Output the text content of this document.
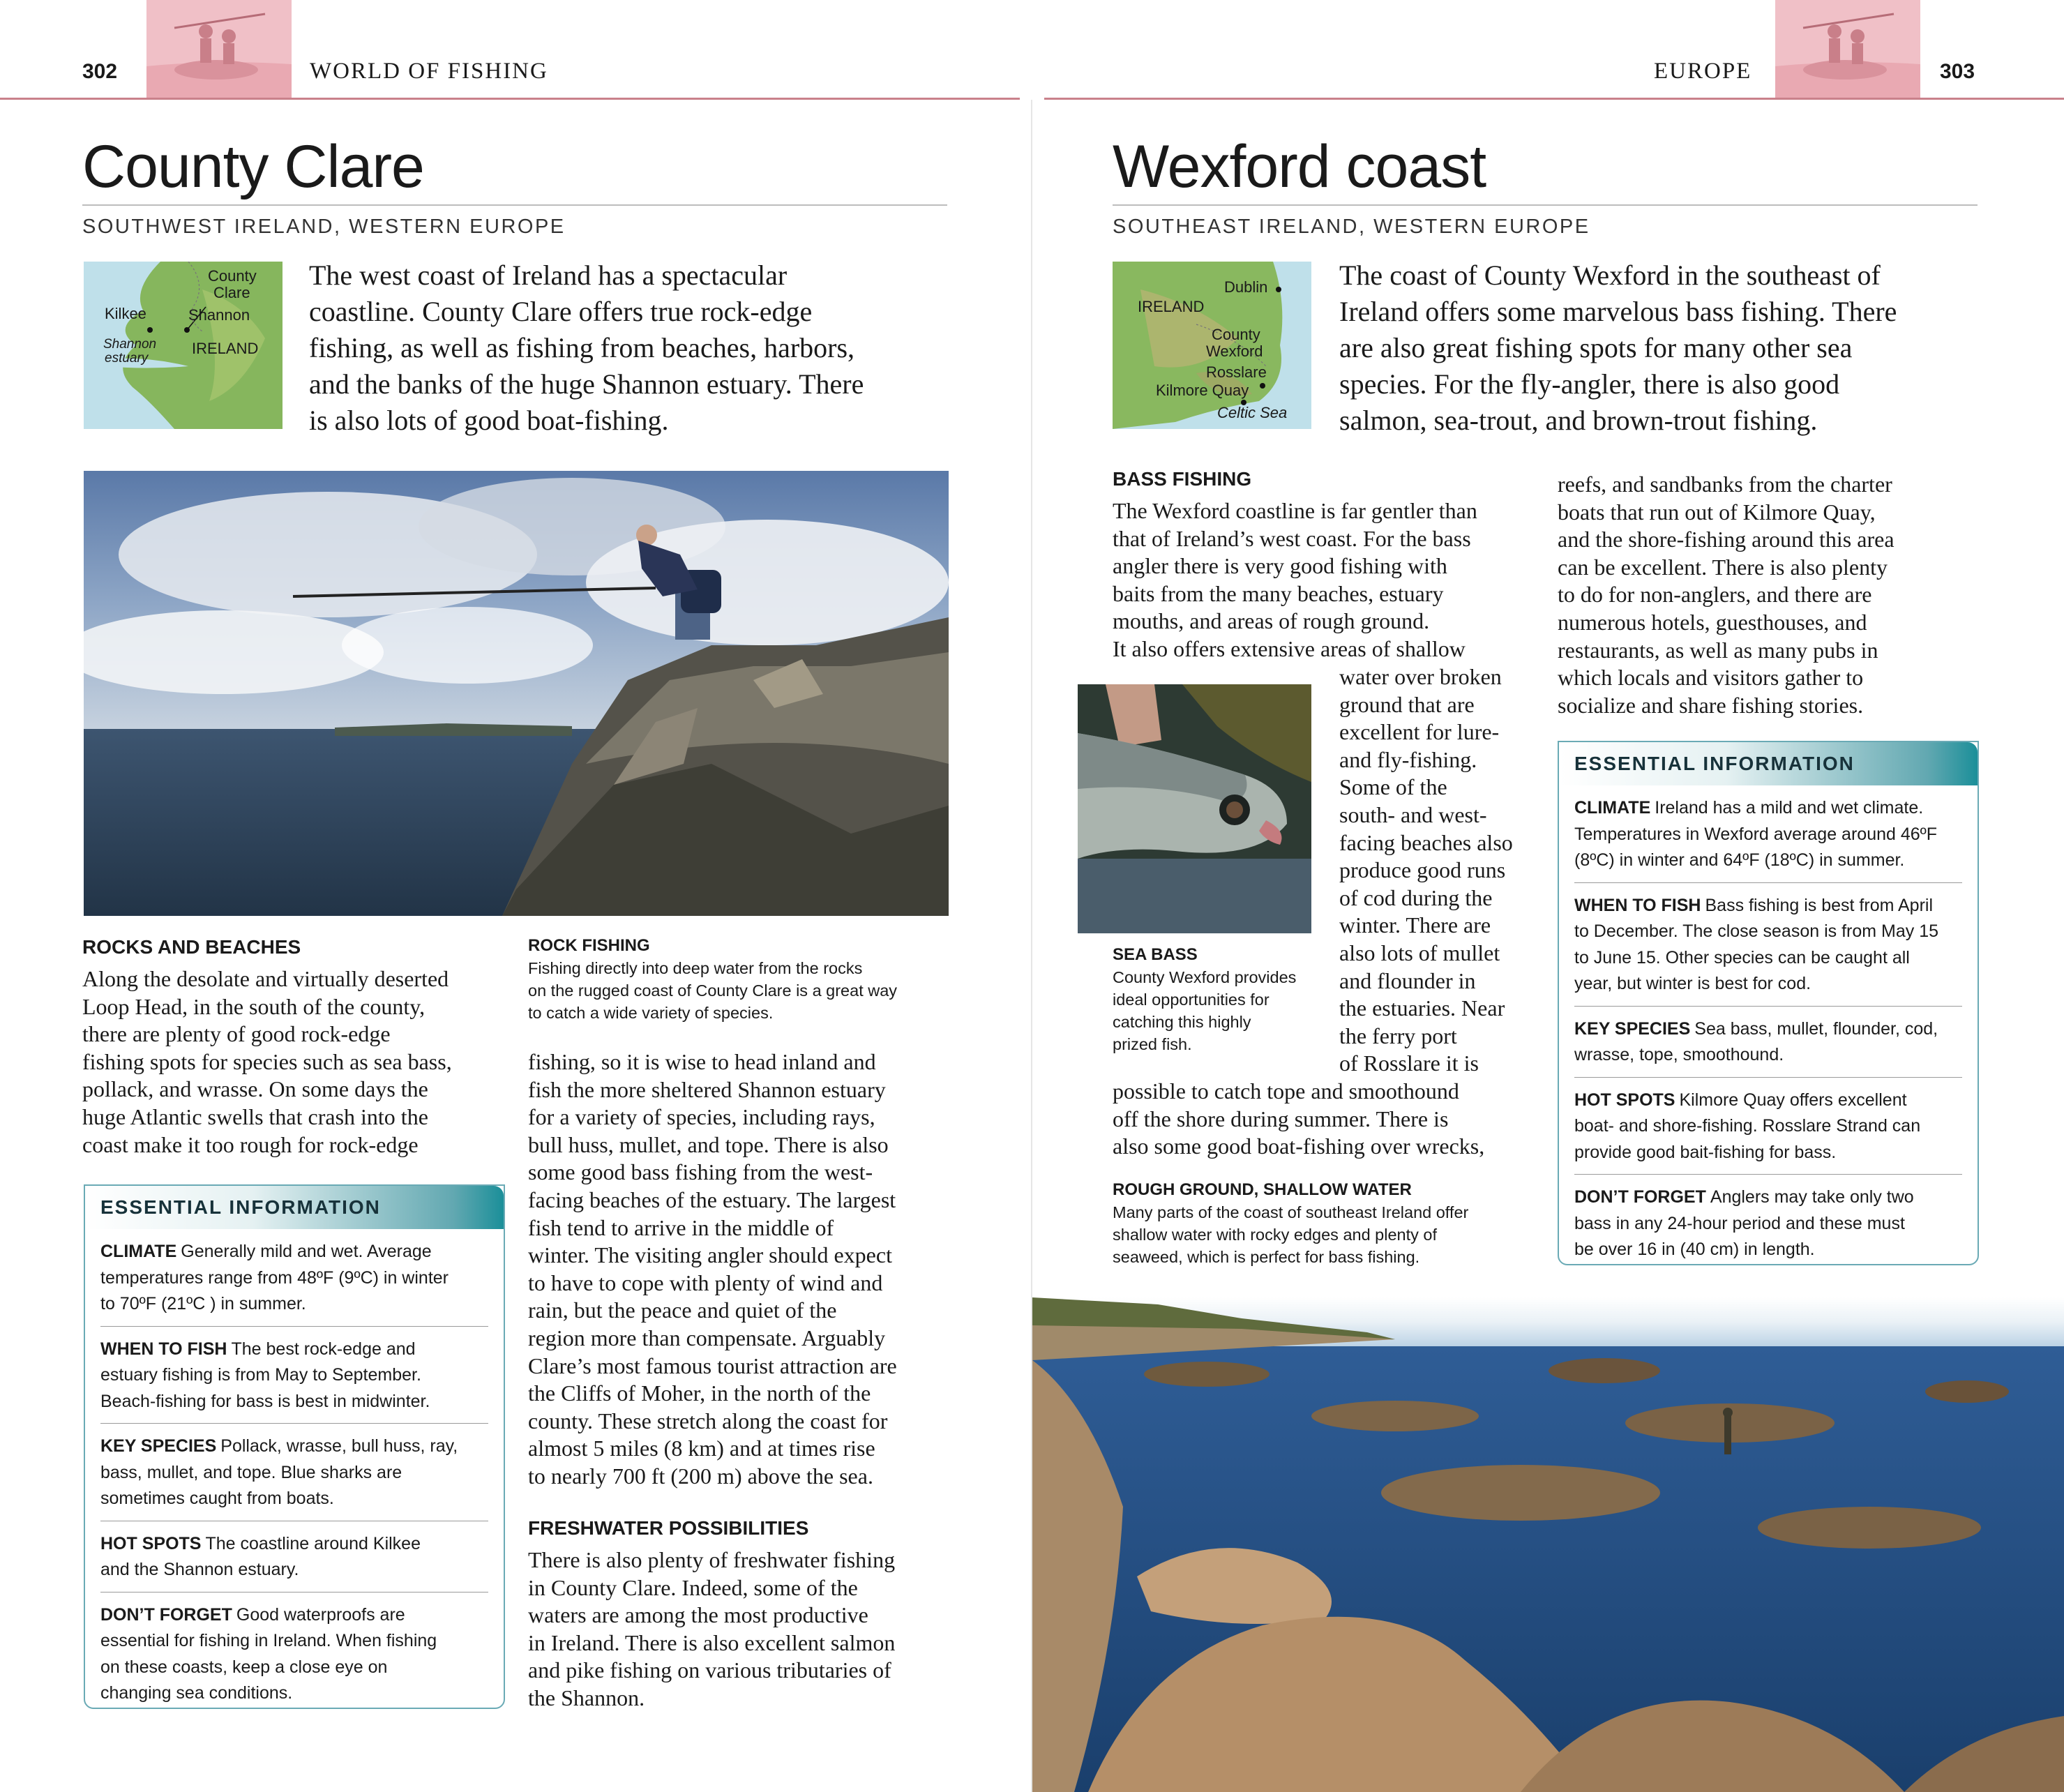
302	WORLD OF FISHING	EUROPE	303
County Clare
SOUTHWEST IRELAND, WESTERN EUROPE
County
Clare
Kilkee	Shannon
Shannon
estuary
IRELAND
The west coast of Ireland has a spectacular
coastline. County Clare offers true rock-edge
fishing, as well as fishing from beaches, harbors,
and the banks of the huge Shannon estuary. There
is also lots of good boat-fishing.
ROCKS AND BEACHES
Along the desolate and virtually deserted
Loop Head, in the south of the county,
there are plenty of good rock-edge
fishing spots for species such as sea bass,
pollack, and wrasse. On some days the
huge Atlantic swells that crash into the
coast make it too rough for rock-edge
ROCK FISHING
Fishing directly into deep water from the rocks
on the rugged coast of County Clare is a great way
to catch a wide variety of species.
fishing, so it is wise to head inland and
fish the more sheltered Shannon estuary
for a variety of species, including rays,
bull huss, mullet, and tope. There is also
some good bass fishing from the west-
facing beaches of the estuary. The largest
fish tend to arrive in the middle of
winter. The visiting angler should expect
to have to cope with plenty of wind and
rain, but the peace and quiet of the
region more than compensate. Arguably
Clare’s most famous tourist attraction are
the Cliffs of Moher, in the north of the
county. These stretch along the coast for
almost 5 miles (8 km) and at times rise
to nearly 700 ft (200 m) above the sea.
FRESHWATER POSSIBILITIES
There is also plenty of freshwater fishing
in County Clare. Indeed, some of the
waters are among the most productive
in Ireland. There is also excellent salmon
and pike fishing on various tributaries of
the Shannon.
ESSENTIAL INFORMATION
CLIMATE Generally mild and wet. Average
temperatures range from 48ºF (9ºC) in winter
to 70ºF (21ºC ) in summer.
WHEN TO FISH The best rock-edge and
estuary fishing is from May to September.
Beach-fishing for bass is best in midwinter.
KEY SPECIES Pollack, wrasse, bull huss, ray,
bass, mullet, and tope. Blue sharks are
sometimes caught from boats.
HOT SPOTS The coastline around Kilkee
and the Shannon estuary.
DON’T FORGET Good waterproofs are
essential for fishing in Ireland. When fishing
on these coasts, keep a close eye on
changing sea conditions.
Wexford coast
SOUTHEAST IRELAND, WESTERN EUROPE
Dublin
IRELAND
County
Wexford
Rosslare
Kilmore Quay
Celtic Sea
The coast of County Wexford in the southeast of
Ireland offers some marvelous bass fishing. There
are also great fishing spots for many other sea
species. For the fly-angler, there is also good
salmon, sea-trout, and brown-trout fishing.
BASS FISHING
The Wexford coastline is far gentler than
that of Ireland’s west coast. For the bass
angler there is very good fishing with
baits from the many beaches, estuary
mouths, and areas of rough ground.
It also offers extensive areas of shallow
water over broken
ground that are
excellent for lure-
and fly-fishing.
Some of the
south- and west-
facing beaches also
produce good runs
of cod during the
winter. There are
also lots of mullet
and flounder in
the estuaries. Near
the ferry port
of Rosslare it is
possible to catch tope and smoothound
off the shore during summer. There is
also some good boat-fishing over wrecks,
SEA BASS
County Wexford provides
ideal opportunities for
catching this highly
prized fish.
ROUGH GROUND, SHALLOW WATER
Many parts of the coast of southeast Ireland offer
shallow water with rocky edges and plenty of
seaweed, which is perfect for bass fishing.
reefs, and sandbanks from the charter
boats that run out of Kilmore Quay,
and the shore-fishing around this area
can be excellent. There is also plenty
to do for non-anglers, and there are
numerous hotels, guesthouses, and
restaurants, as well as many pubs in
which locals and visitors gather to
socialize and share fishing stories.
ESSENTIAL INFORMATION
CLIMATE Ireland has a mild and wet climate.
Temperatures in Wexford average around 46ºF
(8ºC) in winter and 64ºF (18ºC) in summer.
WHEN TO FISH Bass fishing is best from April
to December. The close season is from May 15
to June 15. Other species can be caught all
year, but winter is best for cod.
KEY SPECIES Sea bass, mullet, flounder, cod,
wrasse, tope, smoothound.
HOT SPOTS Kilmore Quay offers excellent
boat- and shore-fishing. Rosslare Strand can
provide good bait-fishing for bass.
DON’T FORGET Anglers may take only two
bass in any 24-hour period and these must
be over 16 in (40 cm) in length.
